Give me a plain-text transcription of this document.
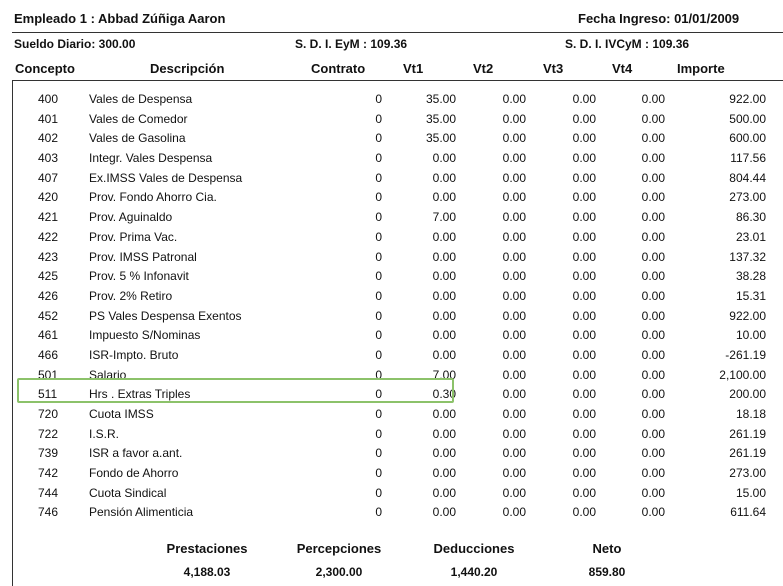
Empleado 1 : Abbad Zúñiga Aaron	Fecha Ingreso: 01/01/2009
Sueldo Diario: 300.00	S. D. I. EyM : 109.36	S. D. I. IVCyM : 109.36
Concepto	Descripción	Contrato	Vt1	Vt2	Vt3	Vt4	Importe
400	Vales de Despensa	0	35.00	0.00	0.00	0.00	922.00
401	Vales de Comedor	0	35.00	0.00	0.00	0.00	500.00
402	Vales de Gasolina	0	35.00	0.00	0.00	0.00	600.00
403	Integr. Vales Despensa	0	0.00	0.00	0.00	0.00	117.56
407	Ex.IMSS Vales de Despensa	0	0.00	0.00	0.00	0.00	804.44
420	Prov. Fondo Ahorro Cia.	0	0.00	0.00	0.00	0.00	273.00
421	Prov. Aguinaldo	0	7.00	0.00	0.00	0.00	86.30
422	Prov. Prima Vac.	0	0.00	0.00	0.00	0.00	23.01
423	Prov. IMSS Patronal	0	0.00	0.00	0.00	0.00	137.32
425	Prov. 5 % Infonavit	0	0.00	0.00	0.00	0.00	38.28
426	Prov. 2% Retiro	0	0.00	0.00	0.00	0.00	15.31
452	PS Vales Despensa Exentos	0	0.00	0.00	0.00	0.00	922.00
461	Impuesto S/Nominas	0	0.00	0.00	0.00	0.00	10.00
466	ISR-Impto. Bruto	0	0.00	0.00	0.00	0.00	-261.19
501	Salario	0	7.00	0.00	0.00	0.00	2,100.00
511	Hrs . Extras Triples	0	0.30	0.00	0.00	0.00	200.00
720	Cuota IMSS	0	0.00	0.00	0.00	0.00	18.18
722	I.S.R.	0	0.00	0.00	0.00	0.00	261.19
739	ISR a favor a.ant.	0	0.00	0.00	0.00	0.00	261.19
742	Fondo de Ahorro	0	0.00	0.00	0.00	0.00	273.00
744	Cuota Sindical	0	0.00	0.00	0.00	0.00	15.00
746	Pensión Alimenticia	0	0.00	0.00	0.00	0.00	611.64
Prestaciones	Percepciones	Deducciones	Neto
4,188.03	2,300.00	1,440.20	859.80
